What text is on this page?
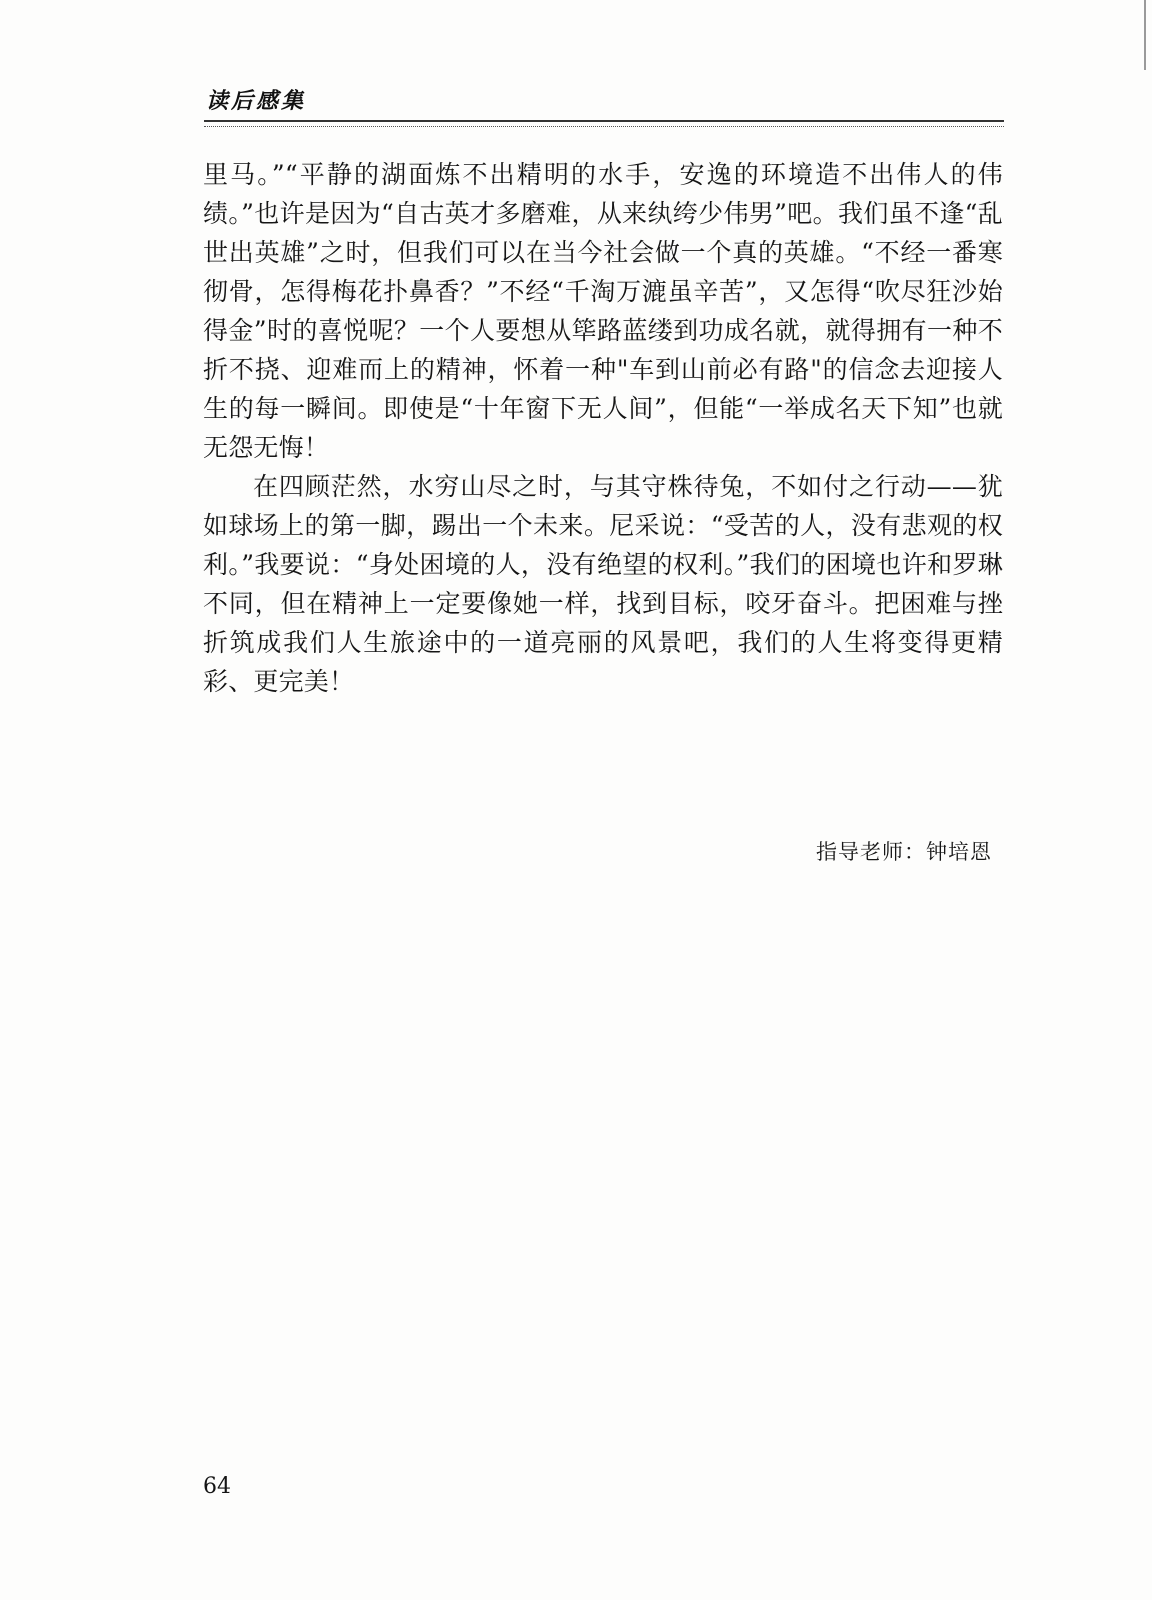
读后感集

里马。”“平静的湖面炼不出精明的水手，安逸的环境造不出伟人的伟绩。”也许是因为“自古英才多磨难，从来纨绔少伟男”吧。我们虽不逢“乱世出英雄”之时，但我们可以在当今社会做一个真的英雄。“不经一番寒彻骨，怎得梅花扑鼻香？”不经“千淘万漉虽辛苦”，又怎得“吹尽狂沙始得金”时的喜悦呢？一个人要想从筚路蓝缕到功成名就，就得拥有一种不折不挠、迎难而上的精神，怀着一种"车到山前必有路"的信念去迎接人生的每一瞬间。即使是“十年窗下无人间”，但能“一举成名天下知”也就无怨无悔！

在四顾茫然，水穷山尽之时，与其守株待兔，不如付之行动——犹如球场上的第一脚，踢出一个未来。尼采说：“受苦的人，没有悲观的权利。”我要说：“身处困境的人，没有绝望的权利。”我们的困境也许和罗琳不同，但在精神上一定要像她一样，找到目标，咬牙奋斗。把困难与挫折筑成我们人生旅途中的一道亮丽的风景吧，我们的人生将变得更精彩、更完美！

指导老师：钟培恩
64
